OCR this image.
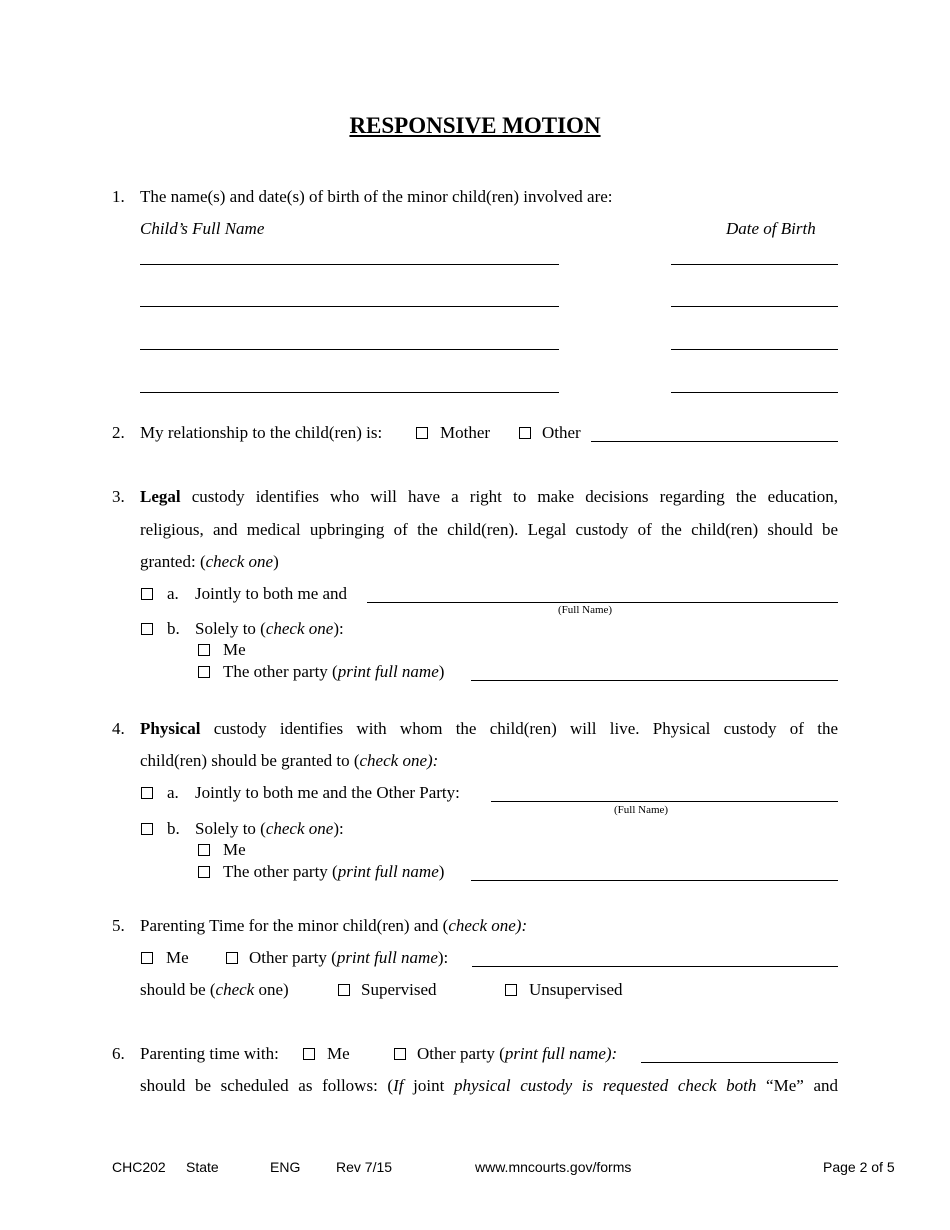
RESPONSIVE MOTION
1. The name(s) and date(s) of birth of the minor child(ren) involved are:
Child’s Full Name	Date of Birth
2. My relationship to the child(ren) is:	Mother	Other
3. Legal custody identifies who will have a right to make decisions regarding the education,
religious, and medical upbringing of the child(ren). Legal custody of the child(ren) should be
granted: (check one)
a. Jointly to both me and
(Full Name)
b. Solely to (check one):
Me
The other party (print full name)
4. Physical custody identifies with whom the child(ren) will live. Physical custody of the
child(ren) should be granted to (check one):
a. Jointly to both me and the Other Party:
(Full Name)
b. Solely to (check one):
Me
The other party (print full name)
5. Parenting Time for the minor child(ren) and (check one):
Me	Other party (print full name):
should be (check one)	Supervised	Unsupervised
6. Parenting time with:	Me	Other party (print full name):
should be scheduled as follows: (If joint physical custody is requested check both “Me” and
CHC202 State	ENG	Rev 7/15	www.mncourts.gov/forms	Page 2 of 5
